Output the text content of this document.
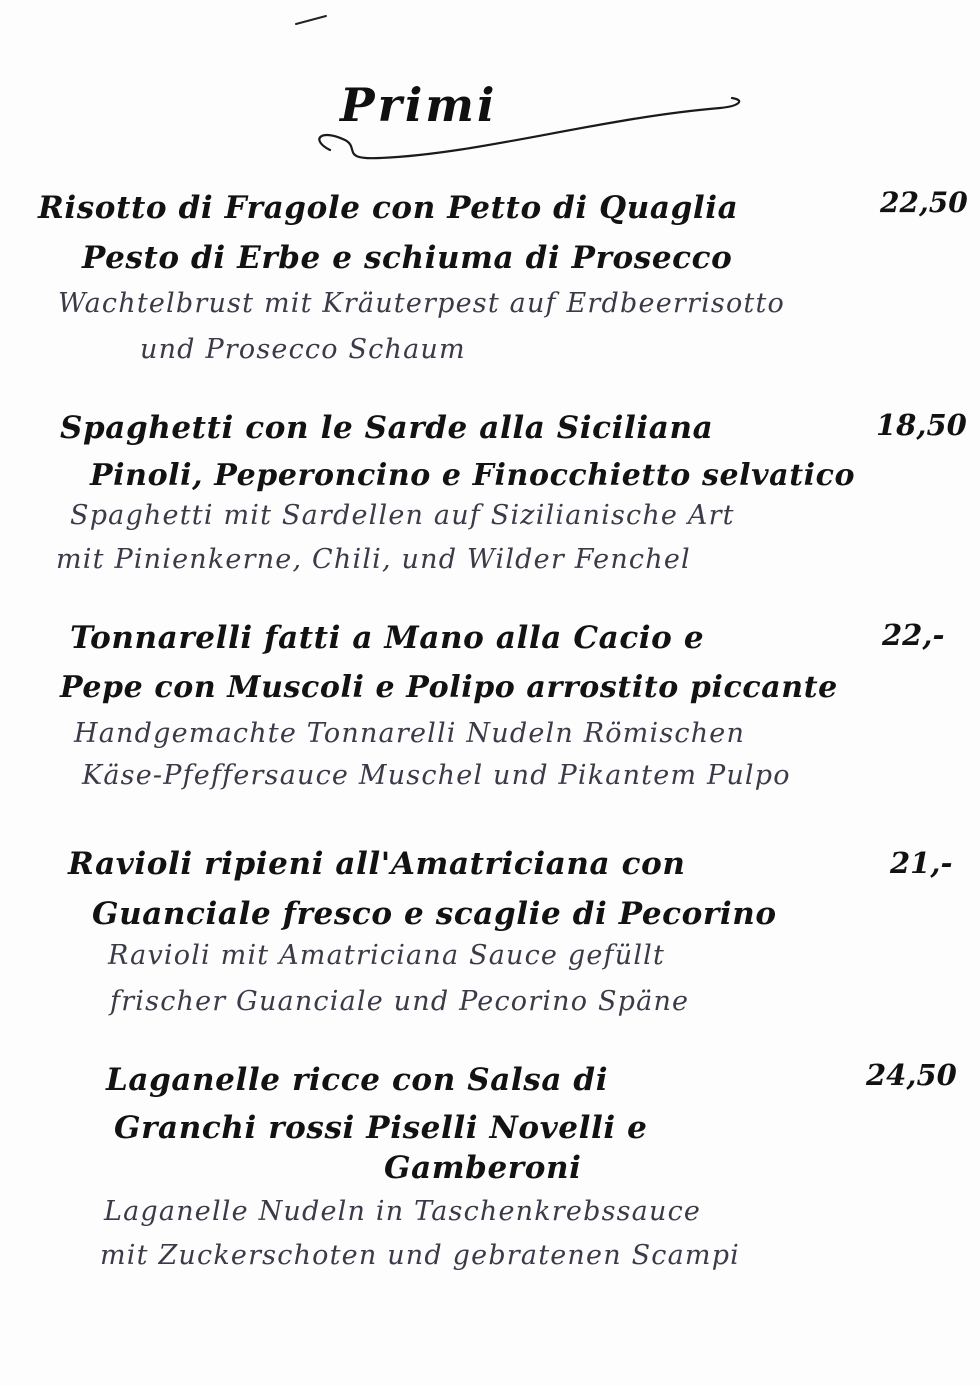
Primi
Risotto di Fragole con Petto di Quaglia	22,50
Pesto di Erbe e schiuma di Prosecco
Wachtelbrust mit Kräuterpest auf Erdbeerrisotto
und Prosecco Schaum
Spaghetti con le Sarde alla Siciliana	18,50
Pinoli, Peperoncino e Finocchietto selvatico
Spaghetti mit Sardellen auf Sizilianische Art
mit Pinienkerne, Chili, und Wilder Fenchel
Tonnarelli fatti a Mano alla Cacio e	22,-
Pepe con Muscoli e Polipo arrostito piccante
Handgemachte Tonnarelli Nudeln Römischen
Käse-Pfeffersauce Muschel und Pikantem Pulpo
Ravioli ripieni all'Amatriciana con	21,-
Guanciale fresco e scaglie di Pecorino
Ravioli mit Amatriciana Sauce gefüllt
frischer Guanciale und Pecorino Späne
Laganelle ricce con Salsa di	24,50
Granchi rossi Piselli Novelli e
Gamberoni
Laganelle Nudeln in Taschenkrebssauce
mit Zuckerschoten und gebratenen Scampi
